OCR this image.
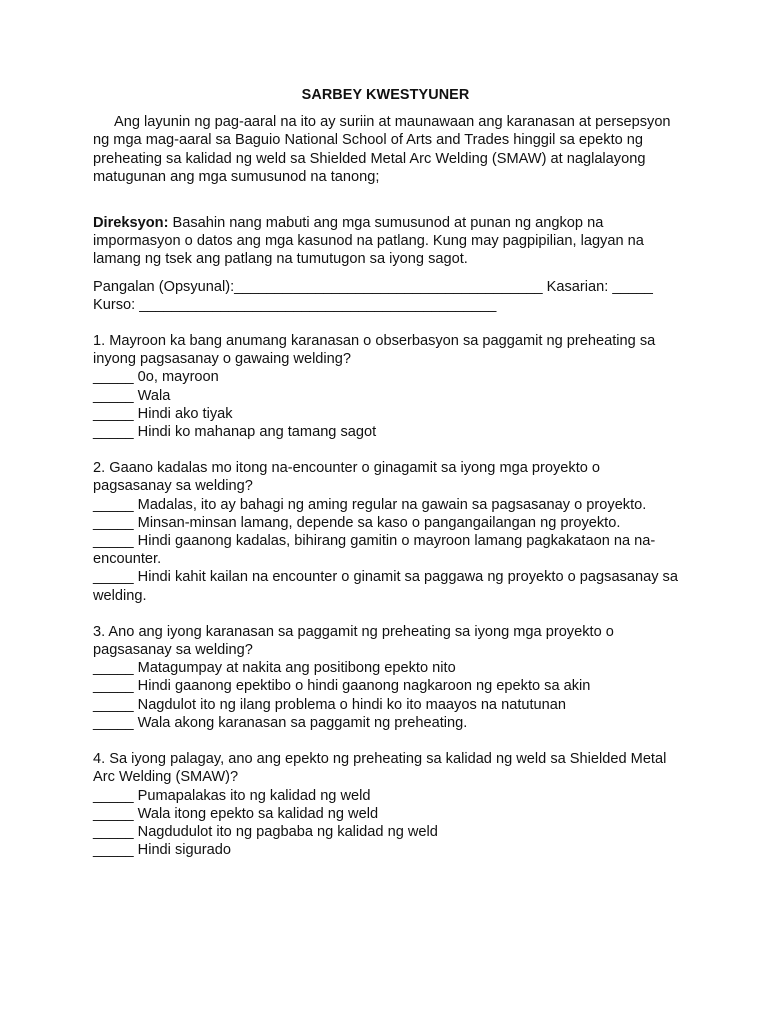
SARBEY KWESTYUNER

Ang layunin ng pag-aaral na ito ay suriin at maunawaan ang karanasan at persepsyon ng mga mag-aaral sa Baguio National School of Arts and Trades hinggil sa epekto ng preheating sa kalidad ng weld sa Shielded Metal Arc Welding (SMAW) at naglalayong matugunan ang mga sumusunod na tanong;

Direksyon: Basahin nang mabuti ang mga sumusunod at punan ng angkop na impormasyon o datos ang mga kasunod na patlang. Kung may pagpipilian, lagyan na lamang ng tsek ang patlang na tumutugon sa iyong sagot.

Pangalan (Opsyunal):______________________________________ Kasarian: _____
Kurso: ____________________________________________

1. Mayroon ka bang anumang karanasan o obserbasyon sa paggamit ng preheating sa inyong pagsasanay o gawaing welding?

_____ 0o, mayroon

_____ Wala

_____ Hindi ako tiyak

_____ Hindi ko mahanap ang tamang sagot

2. Gaano kadalas mo itong na-encounter o ginagamit sa iyong mga proyekto o pagsasanay sa welding?

_____ Madalas, ito ay bahagi ng aming regular na gawain sa pagsasanay o proyekto.

_____ Minsan-minsan lamang, depende sa kaso o pangangailangan ng proyekto.

_____ Hindi gaanong kadalas, bihirang gamitin o mayroon lamang pagkakataon na na-encounter.

_____ Hindi kahit kailan na encounter o ginamit sa paggawa ng proyekto o pagsasanay sa welding.

3. Ano ang iyong karanasan sa paggamit ng preheating sa iyong mga proyekto o pagsasanay sa welding?

_____ Matagumpay at nakita ang positibong epekto nito

_____ Hindi gaanong epektibo o hindi gaanong nagkaroon ng epekto sa akin

_____ Nagdulot ito ng ilang problema o hindi ko ito maayos na natutunan

_____ Wala akong karanasan sa paggamit ng preheating.

4. Sa iyong palagay, ano ang epekto ng preheating sa kalidad ng weld sa Shielded Metal Arc Welding (SMAW)?

_____ Pumapalakas ito ng kalidad ng weld

_____ Wala itong epekto sa kalidad ng weld

_____ Nagdudulot ito ng pagbaba ng kalidad ng weld

_____ Hindi sigurado
